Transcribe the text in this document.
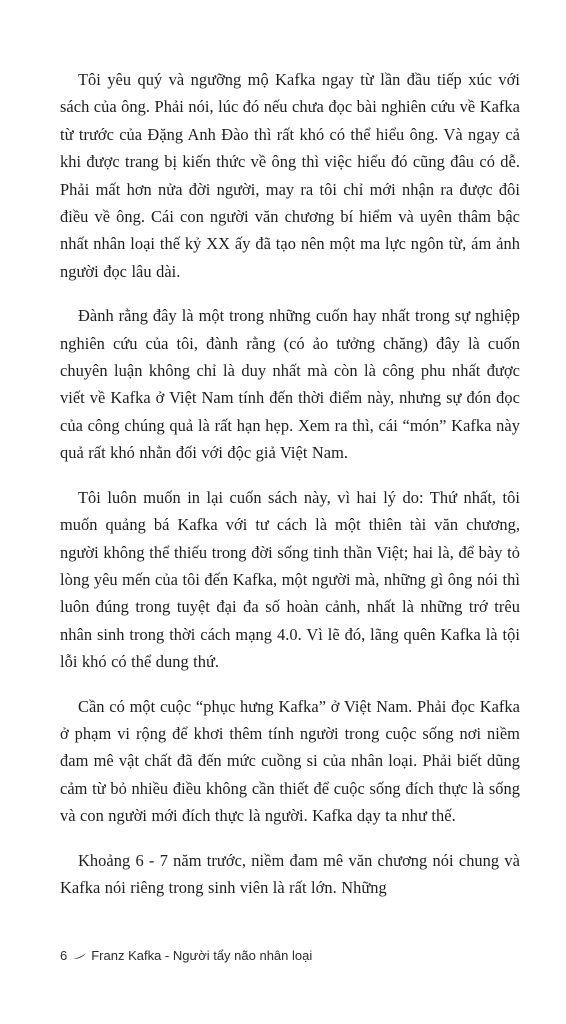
Tôi yêu quý và ngưỡng mộ Kafka ngay từ lần đầu tiếp xúc với sách của ông. Phải nói, lúc đó nếu chưa đọc bài nghiên cứu về Kafka từ trước của Đặng Anh Đào thì rất khó có thể hiểu ông. Và ngay cả khi được trang bị kiến thức về ông thì việc hiểu đó cũng đâu có dễ. Phải mất hơn nửa đời người, may ra tôi chỉ mới nhận ra được đôi điều về ông. Cái con người văn chương bí hiểm và uyên thâm bậc nhất nhân loại thế kỷ XX ấy đã tạo nên một ma lực ngôn từ, ám ảnh người đọc lâu dài.

Đành rằng đây là một trong những cuốn hay nhất trong sự nghiệp nghiên cứu của tôi, đành rằng (có ảo tưởng chăng) đây là cuốn chuyên luận không chỉ là duy nhất mà còn là công phu nhất được viết về Kafka ở Việt Nam tính đến thời điểm này, nhưng sự đón đọc của công chúng quả là rất hạn hẹp. Xem ra thì, cái “món” Kafka này quả rất khó nhằn đối với độc giả Việt Nam.

Tôi luôn muốn in lại cuốn sách này, vì hai lý do: Thứ nhất, tôi muốn quảng bá Kafka với tư cách là một thiên tài văn chương, người không thể thiếu trong đời sống tinh thần Việt; hai là, để bày tỏ lòng yêu mến của tôi đến Kafka, một người mà, những gì ông nói thì luôn đúng trong tuyệt đại đa số hoàn cảnh, nhất là những trớ trêu nhân sinh trong thời cách mạng 4.0. Vì lẽ đó, lãng quên Kafka là tội lỗi khó có thể dung thứ.

Cần có một cuộc “phục hưng Kafka” ở Việt Nam. Phải đọc Kafka ở phạm vi rộng để khơi thêm tính người trong cuộc sống nơi niềm đam mê vật chất đã đến mức cuồng si của nhân loại. Phải biết dũng cảm từ bỏ nhiều điều không cần thiết để cuộc sống đích thực là sống và con người mới đích thực là người. Kafka dạy ta như thế.

Khoảng 6 - 7 năm trước, niềm đam mê văn chương nói chung và Kafka nói riêng trong sinh viên là rất lớn. Những

6 Franz Kafka - Người tẩy não nhân loại
